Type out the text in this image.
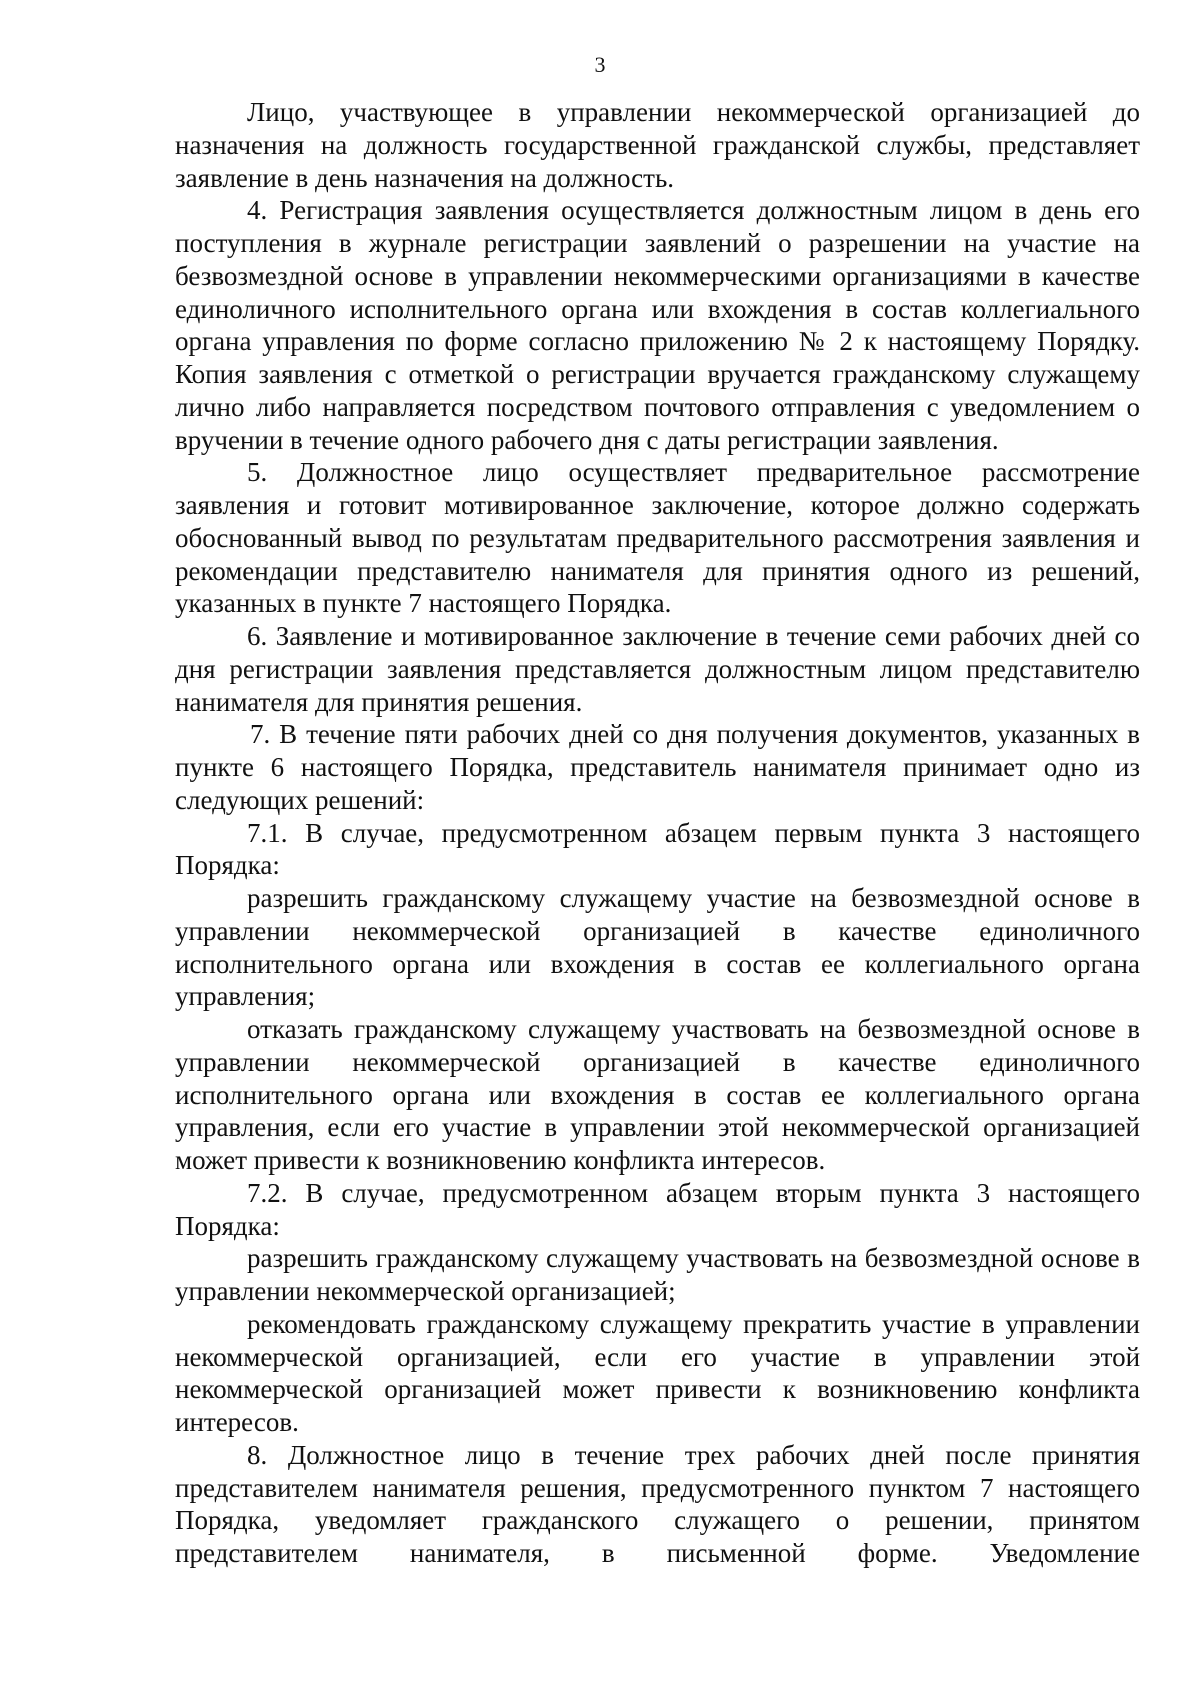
3

Лицо, участвующее в управлении некоммерческой организацией до назначения на должность государственной гражданской службы, представляет заявление в день назначения на должность.

4. Регистрация заявления осуществляется должностным лицом в день его поступления в журнале регистрации заявлений о разрешении на участие на безвозмездной основе в управлении некоммерческими организациями в качестве единоличного исполнительного органа или вхождения в состав коллегиального органа управления по форме согласно приложению № 2 к настоящему Порядку. Копия заявления с отметкой о регистрации вручается гражданскому служащему лично либо направляется посредством почтового отправления с уведомлением о вручении в течение одного рабочего дня с даты регистрации заявления.

5. Должностное лицо осуществляет предварительное рассмотрение заявления и готовит мотивированное заключение, которое должно содержать обоснованный вывод по результатам предварительного рассмотрения заявления и рекомендации представителю нанимателя для принятия одного из решений, указанных в пункте 7 настоящего Порядка.

6. Заявление и мотивированное заключение в течение семи рабочих дней со дня регистрации заявления представляется должностным лицом представителю нанимателя для принятия решения.

7. В течение пяти рабочих дней со дня получения документов, указанных в пункте 6 настоящего Порядка, представитель нанимателя принимает одно из следующих решений:

7.1. В случае, предусмотренном абзацем первым пункта 3 настоящего Порядка:

разрешить гражданскому служащему участие на безвозмездной основе в управлении некоммерческой организацией в качестве единоличного исполнительного органа или вхождения в состав ее коллегиального органа управления;

отказать гражданскому служащему участвовать на безвозмездной основе в управлении некоммерческой организацией в качестве единоличного исполнительного органа или вхождения в состав ее коллегиального органа управления, если его участие в управлении этой некоммерческой организацией может привести к возникновению конфликта интересов.

7.2. В случае, предусмотренном абзацем вторым пункта 3 настоящего Порядка:

разрешить гражданскому служащему участвовать на безвозмездной основе в управлении некоммерческой организацией;

рекомендовать гражданскому служащему прекратить участие в управлении некоммерческой организацией, если его участие в управлении этой некоммерческой организацией может привести к возникновению конфликта интересов.

8. Должностное лицо в течение трех рабочих дней после принятия представителем нанимателя решения, предусмотренного пунктом 7 настоящего Порядка, уведомляет гражданского служащего о решении, принятом представителем нанимателя, в письменной форме. Уведомление
